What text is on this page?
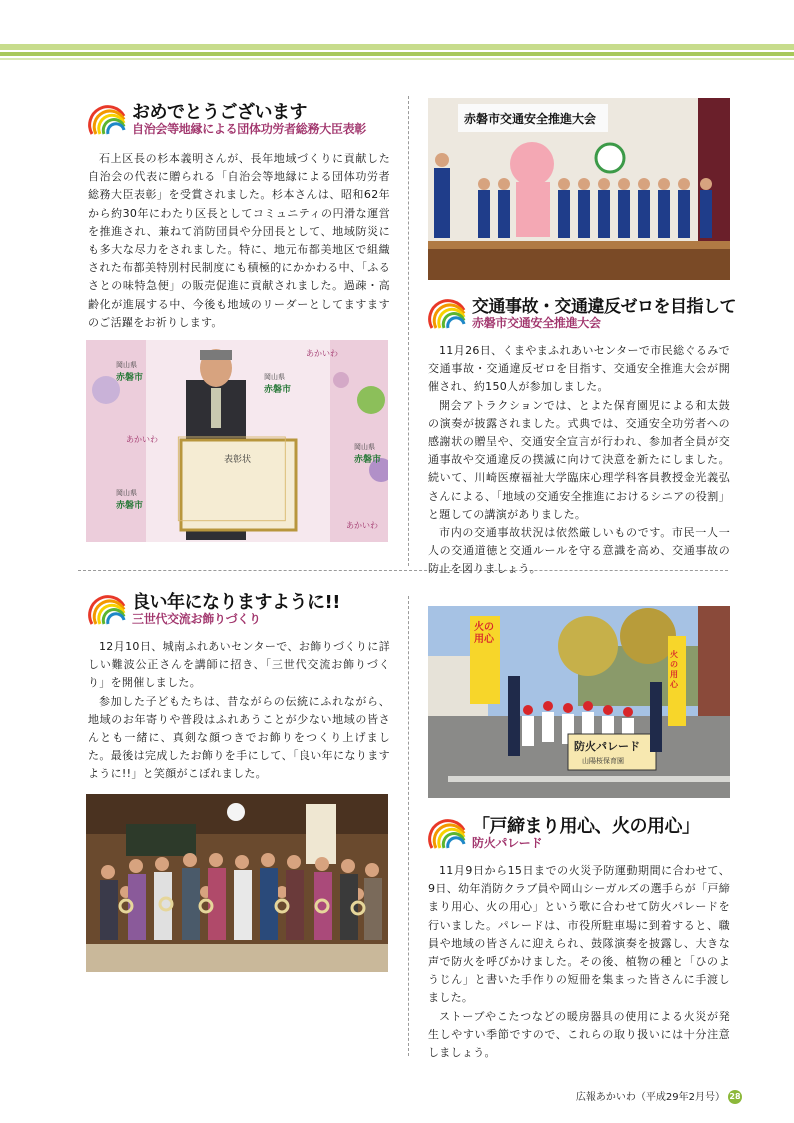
おめでとうございます
自治会等地縁による団体功労者総務大臣表彰

石上区長の杉本義明さんが、長年地域づくりに貢献した自治会の代表に贈られる「自治会等地縁による団体功労者総務大臣表彰」を受賞されました。杉本さんは、昭和62年から約30年にわたり区長としてコミュニティの円滑な運営を推進され、兼ねて消防団員や分団長として、地域防災にも多大な尽力をされました。特に、地元布都美地区で組織された布都美特別村民制度にも積極的にかかわる中、「ふるさとの味特急便」の販売促進に貢献されました。過疎・高齢化が進展する中、今後も地域のリーダーとしてますますのご活躍をお祈りします。

赤磐市
岡山県
赤磐市
岡山県
赤磐市
岡山県
赤磐市
岡山県
あかいわ
あかいわ
あかいわ
表彰状
赤磐市交通安全推進大会
交通事故・交通違反ゼロを目指して
赤磐市交通安全推進大会

11月26日、くまやまふれあいセンターで市民総ぐるみで交通事故・交通違反ゼロを目指す、交通安全推進大会が開催され、約150人が参加しました。

開会アトラクションでは、とよた保育園児による和太鼓の演奏が披露されました。式典では、交通安全功労者への感謝状の贈呈や、交通安全宣言が行われ、参加者全員が交通事故や交通違反の撲滅に向けて決意を新たにしました。続いて、川崎医療福祉大学臨床心理学科客員教授金光義弘さんによる、「地域の交通安全推進におけるシニアの役割」と題しての講演がありました。

市内の交通事故状況は依然厳しいものです。市民一人一人の交通道徳と交通ルールを守る意識を高め、交通事故の防止を図りましょう。

良い年になりますように!!
三世代交流お飾りづくり

12月10日、城南ふれあいセンターで、お飾りづくりに詳しい難波公正さんを講師に招き、「三世代交流お飾りづくり」を開催しました。

参加した子どもたちは、昔ながらの伝統にふれながら、地域のお年寄りや普段はふれあうことが少ない地域の皆さんとも一緒に、真剣な顔つきでお飾りをつくり上げました。最後は完成したお飾りを手にして、「良い年になりますように!!」と笑顔がこぼれました。

火の用心
火の用心
防火パレード
山陽桜保育園
「戸締まり用心、火の用心」
防火パレード

11月9日から15日までの火災予防運動期間に合わせて、9日、幼年消防クラブ員や岡山シーガルズの選手らが「戸締まり用心、火の用心」という歌に合わせて防火パレードを行いました。パレードは、市役所駐車場に到着すると、職員や地域の皆さんに迎えられ、鼓隊演奏を披露し、大きな声で防火を呼びかけました。その後、植物の種と「ひのようじん」と書いた手作りの短冊を集まった皆さんに手渡しました。

ストーブやこたつなどの暖房器具の使用による火災が発生しやすい季節ですので、これらの取り扱いには十分注意しましょう。

広報あかいわ（平成29年2月号） 28
